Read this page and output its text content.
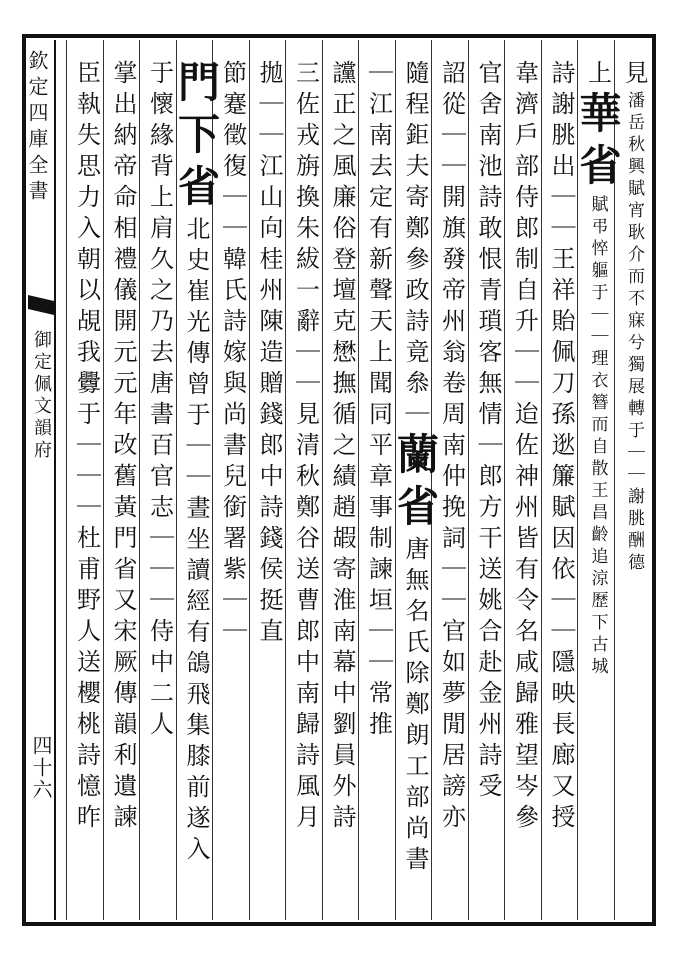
欽定四庫全書
御定佩文韻府
四十六
見潘岳秋興賦宵耿介而不寐兮獨展轉于｜｜謝朓酬德
上華省賦弔悴軀于｜｜理衣簪而自散王昌齡追涼歷下古城
詩謝朓出｜｜王祥貽佩刀孫逖簾賦因依｜｜隱映長廊又授
韋濟戶部侍郎制自升｜｜迨佐神州皆有令名咸歸雅望岑參
官舍南池詩敢恨青瑣客無情｜郎方干送姚合赴金州詩受
詔從｜｜開旗發帝州翁卷周南仲挽詞｜｜官如夢閒居謗亦
隨程鉅夫寄鄭參政詩竟叅｜蘭省唐無名氏除鄭朗工部尚書
｜江南去定有新聲天上聞同平章事制諫垣｜｜常推
讜正之風廉俗登壇克懋撫循之績趙嘏寄淮南幕中劉員外詩
三佐戎旃換朱紱一辭｜｜見清秋鄭谷送曹郎中南歸詩風月
拋｜｜江山向桂州陳造贈錢郎中詩錢侯挺直
節蹇徵復｜｜韓氏詩嫁與尚書兒銜署紫｜｜
門下省北史崔光傳曾于｜｜晝坐讀經有鴿飛集膝前遂入
于懷緣背上肩久之乃去唐書百官志｜｜｜侍中二人
掌出納帝命相禮儀開元元年改舊黃門省又宋厥傳韻利遺諫
臣執失思力入朝以覘我釁于｜｜｜杜甫野人送櫻桃詩憶昨
